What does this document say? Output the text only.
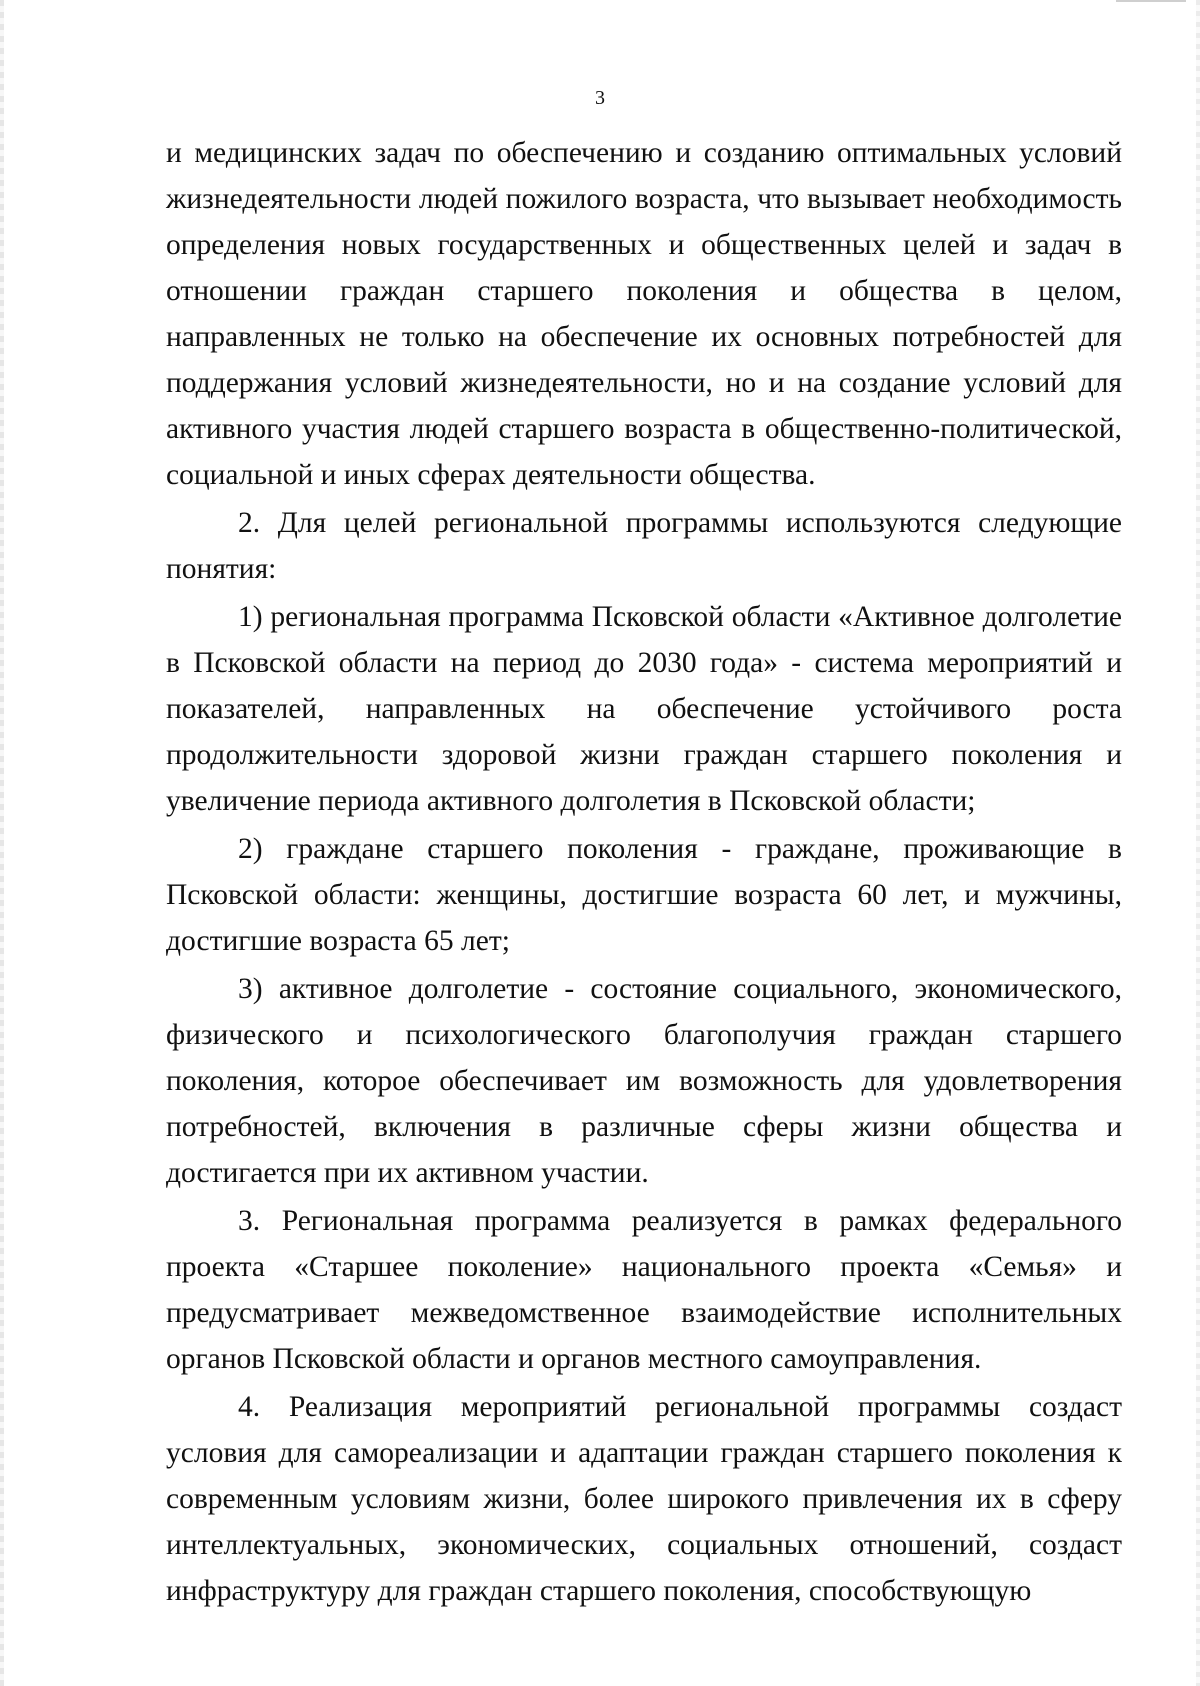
3

и медицинских задач по обеспечению и созданию оптимальных условий жизнедеятельности людей пожилого возраста, что вызывает необходимость определения новых государственных и общественных целей и задач в отношении граждан старшего поколения и общества в целом, направленных не только на обеспечение их основных потребностей для поддержания условий жизнедеятельности, но и на создание условий для активного участия людей старшего возраста в общественно-политической, социальной и иных сферах деятельности общества.

2. Для целей региональной программы используются следующие понятия:

1) региональная программа Псковской области «Активное долголетие в Псковской области на период до 2030 года» - система мероприятий и показателей, направленных на обеспечение устойчивого роста продолжительности здоровой жизни граждан старшего поколения и увеличение периода активного долголетия в Псковской области;

2) граждане старшего поколения - граждане, проживающие в Псковской области: женщины, достигшие возраста 60 лет, и мужчины, достигшие возраста 65 лет;

3) активное долголетие - состояние социального, экономического, физического и психологического благополучия граждан старшего поколения, которое обеспечивает им возможность для удовлетворения потребностей, включения в различные сферы жизни общества и достигается при их активном участии.

3. Региональная программа реализуется в рамках федерального проекта «Старшее поколение» национального проекта «Семья» и предусматривает межведомственное взаимодействие исполнительных органов Псковской области и органов местного самоуправления.

4. Реализация мероприятий региональной программы создаст условия для самореализации и адаптации граждан старшего поколения к современным условиям жизни, более широкого привлечения их в сферу интеллектуальных, экономических, социальных отношений, создаст инфраструктуру для граждан старшего поколения, способствующую
